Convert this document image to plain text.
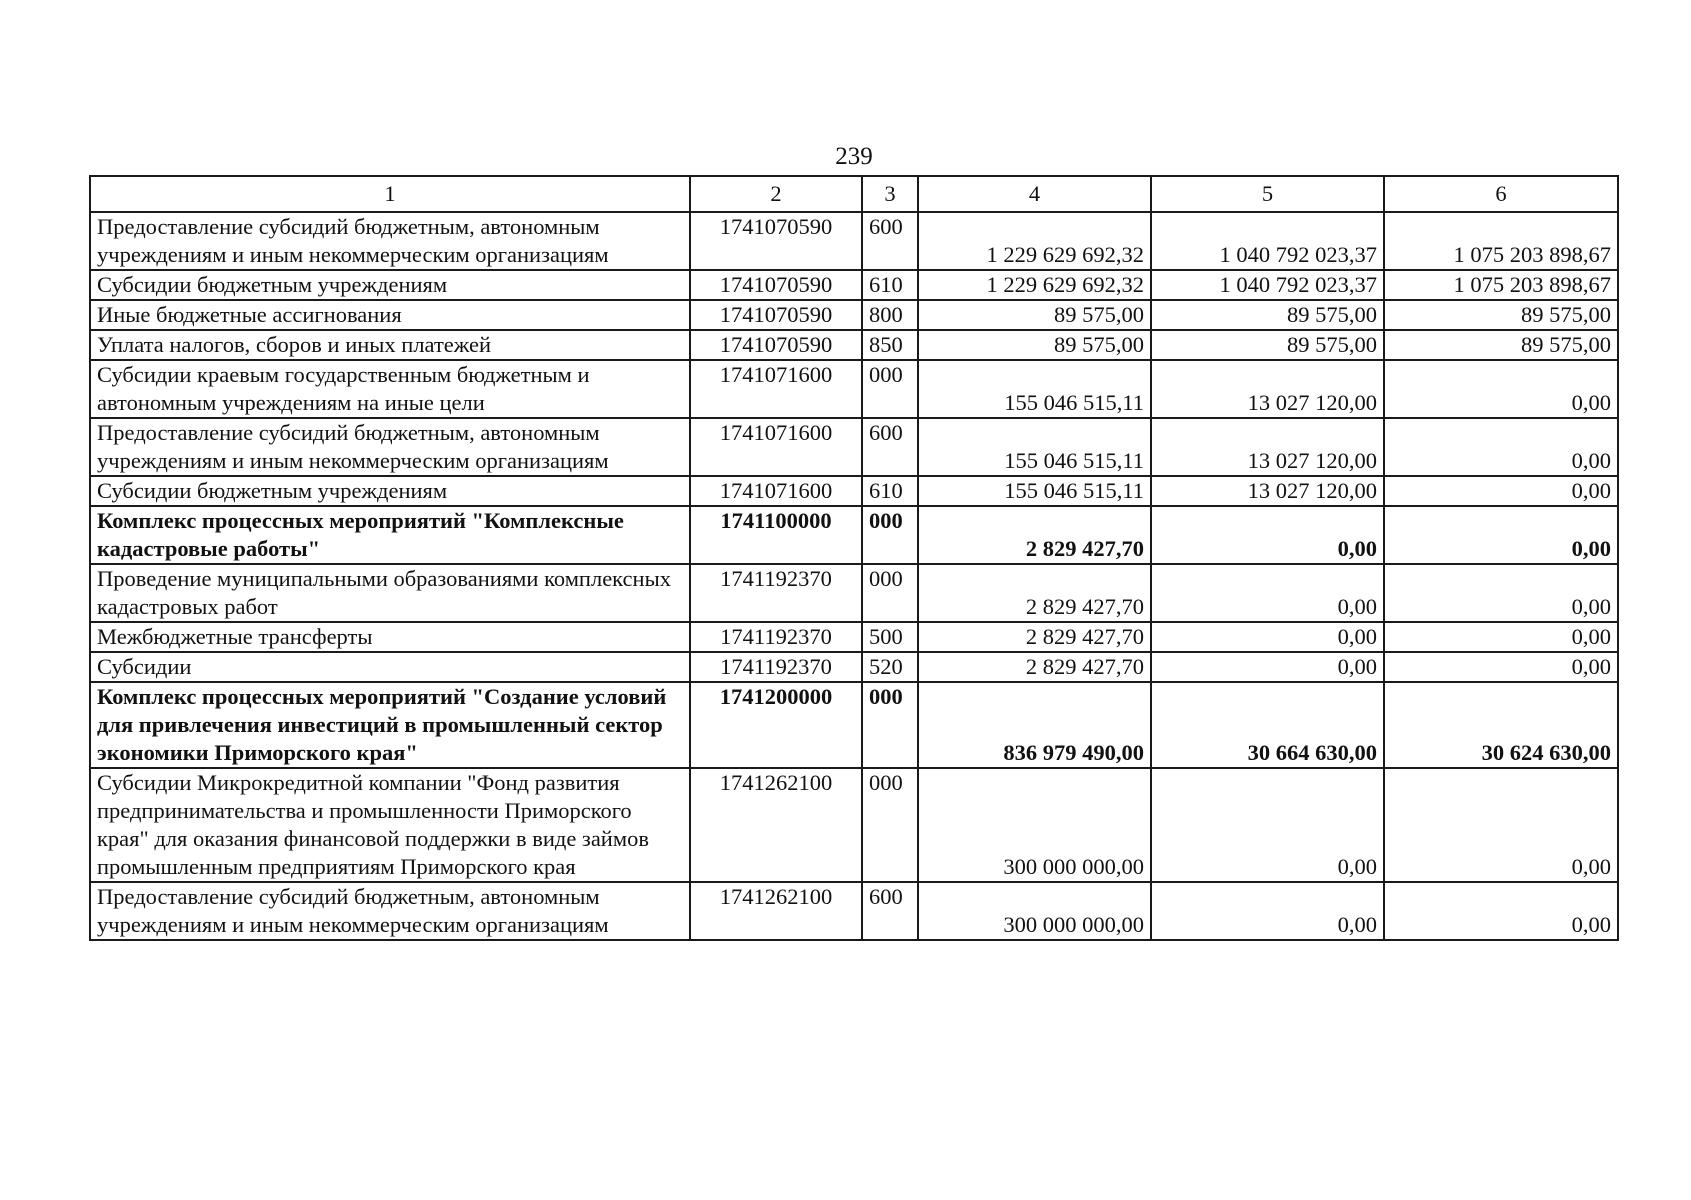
239
1	2	3	4	5	6
Предоставление субсидий бюджетным, автономным учреждениям и иным некоммерческим организациям	1741070590	600	1 229 629 692,32	1 040 792 023,37	1 075 203 898,67
Субсидии бюджетным учреждениям	1741070590	610	1 229 629 692,32	1 040 792 023,37	1 075 203 898,67
Иные бюджетные ассигнования	1741070590	800	89 575,00	89 575,00	89 575,00
Уплата налогов, сборов и иных платежей	1741070590	850	89 575,00	89 575,00	89 575,00
Субсидии краевым государственным бюджетным и автономным учреждениям на иные цели	1741071600	000	155 046 515,11	13 027 120,00	0,00
Предоставление субсидий бюджетным, автономным учреждениям и иным некоммерческим организациям	1741071600	600	155 046 515,11	13 027 120,00	0,00
Субсидии бюджетным учреждениям	1741071600	610	155 046 515,11	13 027 120,00	0,00
Комплекс процессных мероприятий "Комплексные кадастровые работы"	1741100000	000	2 829 427,70	0,00	0,00
Проведение муниципальными образованиями комплексных кадастровых работ	1741192370	000	2 829 427,70	0,00	0,00
Межбюджетные трансферты	1741192370	500	2 829 427,70	0,00	0,00
Субсидии	1741192370	520	2 829 427,70	0,00	0,00
Комплекс процессных мероприятий "Создание условий для привлечения инвестиций в промышленный сектор экономики Приморского края"	1741200000	000	836 979 490,00	30 664 630,00	30 624 630,00
Субсидии Микрокредитной компании "Фонд развития предпринимательства и промышленности Приморского края" для оказания финансовой поддержки в виде займов промышленным предприятиям Приморского края	1741262100	000	300 000 000,00	0,00	0,00
Предоставление субсидий бюджетным, автономным учреждениям и иным некоммерческим организациям	1741262100	600	300 000 000,00	0,00	0,00
